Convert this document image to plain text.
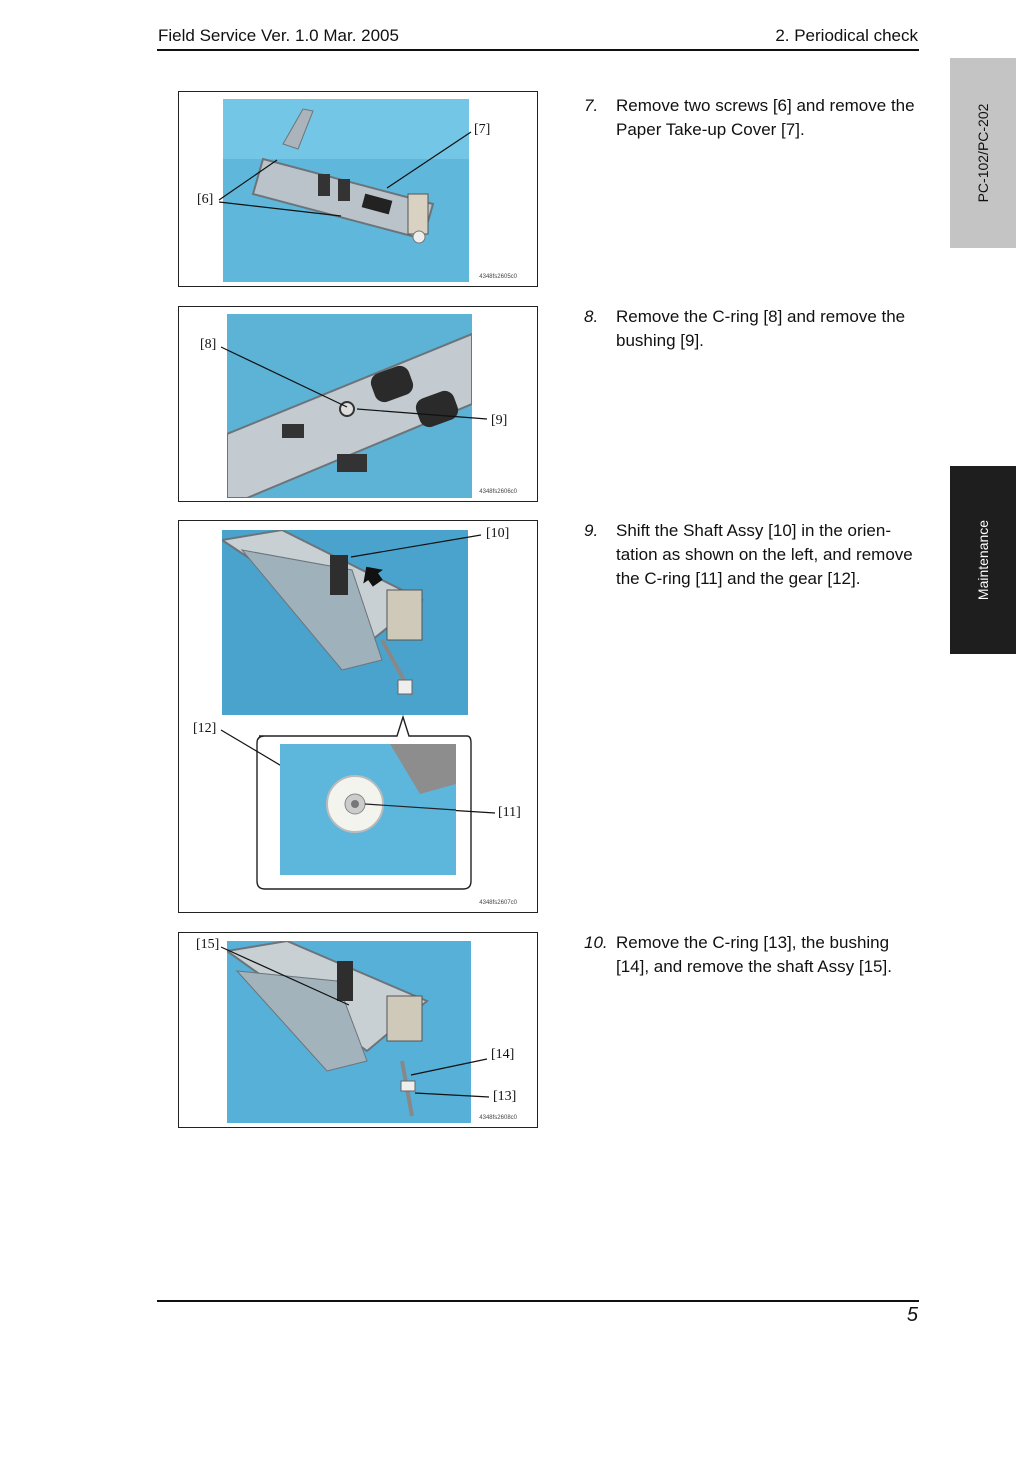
Field Service Ver. 1.0 Mar. 2005	2. Periodical check
PC-102/PC-202
Maintenance
[6]
[7]
4348fs2605c0
[8]
[9]
4348fs2606c0
[10]
[12]
[11]
4348fs2607c0
[15]
[14]
[13]
4348fs2608c0
7. Remove two screws [6] and remove the Paper Take-up Cover [7].
8. Remove the C-ring [8] and remove the bushing [9].
9. Shift the Shaft Assy [10] in the orien-tation as shown on the left, and remove the C-ring [11] and the gear [12].
10. Remove the C-ring [13], the bushing [14], and remove the shaft Assy [15].
5
